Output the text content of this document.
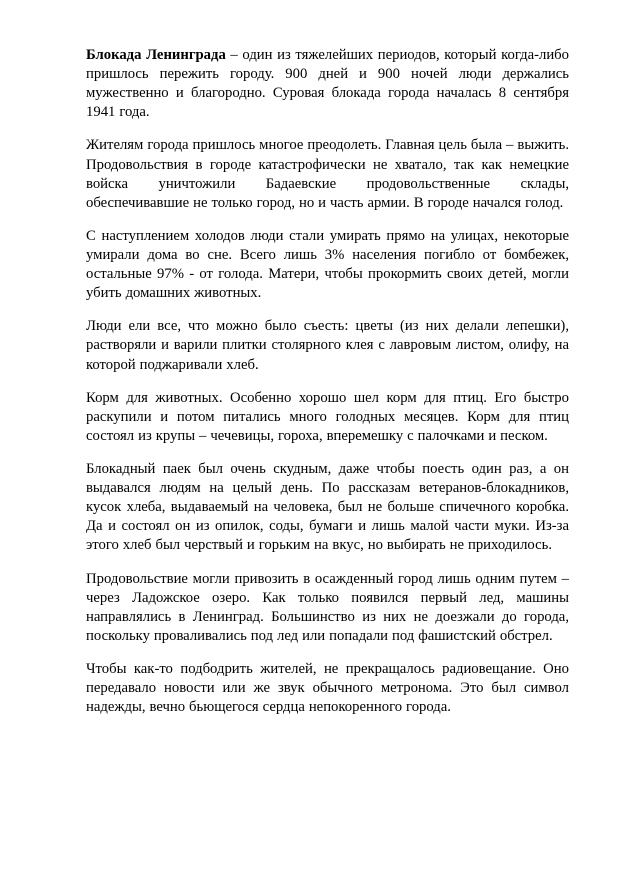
Блокада Ленинграда – один из тяжелейших периодов, который когда-либо пришлось пережить городу. 900 дней и 900 ночей люди держались мужественно и благородно. Суровая блокада города началась 8 сентября 1941 года.

Жителям города пришлось многое преодолеть. Главная цель была – выжить. Продовольствия в городе катастрофически не хватало, так как немецкие войска уничтожили Бадаевские продовольственные склады, обеспечивавшие не только город, но и часть армии. В городе начался голод.

С наступлением холодов люди стали умирать прямо на улицах, некоторые умирали дома во сне. Всего лишь 3% населения погибло от бомбежек, остальные 97% - от голода. Матери, чтобы прокормить своих детей, могли убить домашних животных.

Люди ели все, что можно было съесть: цветы (из них делали лепешки), растворяли и варили плитки столярного клея с лавровым листом, олифу, на которой поджаривали хлеб.

Корм для животных. Особенно хорошо шел корм для птиц. Его быстро раскупили и потом питались много голодных месяцев. Корм для птиц состоял из крупы – чечевицы, гороха, вперемешку с палочками и песком.

Блокадный паек был очень скудным, даже чтобы поесть один раз, а он выдавался людям на целый день. По рассказам ветеранов-блокадников, кусок хлеба, выдаваемый на человека, был не больше спичечного коробка. Да и состоял он из опилок, соды, бумаги и лишь малой части муки. Из-за этого хлеб был черствый и горьким на вкус, но выбирать не приходилось.

Продовольствие могли привозить в осажденный город лишь одним путем – через Ладожское озеро. Как только появился первый лед, машины направлялись в Ленинград. Большинство из них не доезжали до города, поскольку проваливались под лед или попадали под фашистский обстрел.

Чтобы как-то подбодрить жителей, не прекращалось радиовещание. Оно передавало новости или же звук обычного метронома. Это был символ надежды, вечно бьющегося сердца непокоренного города.
